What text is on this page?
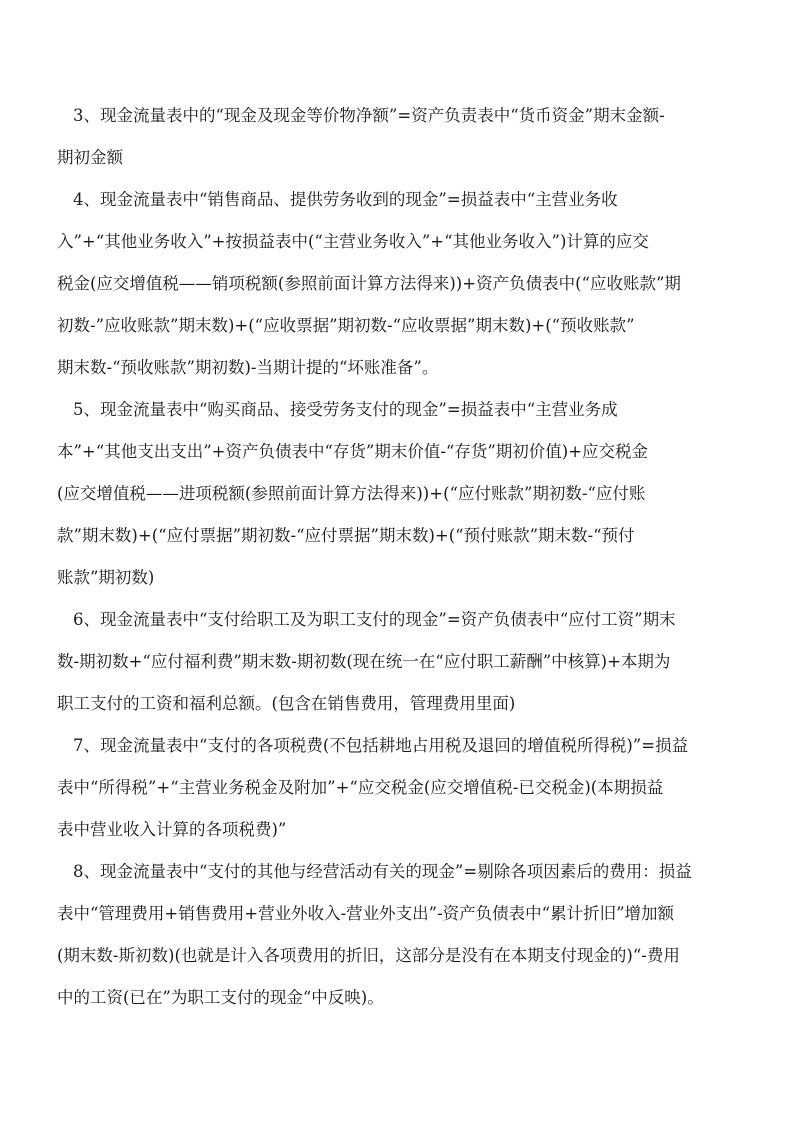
3、现金流量表中的“现金及现金等价物净额”=资产负责表中“货币资金”期末金额-
期初金额
4、现金流量表中“销售商品、提供劳务收到的现金”=损益表中“主营业务收
入”+“其他业务收入”+按损益表中(“主营业务收入”+“其他业务收入”)计算的应交
税金(应交增值税——销项税额(参照前面计算方法得来))+资产负债表中(“应收账款”期
初数-”应收账款”期末数)+(“应收票据”期初数-“应收票据”期末数)+(“预收账款”
期末数-“预收账款”期初数)-当期计提的“坏账准备”。
5、现金流量表中“购买商品、接受劳务支付的现金”=损益表中“主营业务成
本”+“其他支出支出”+资产负债表中“存货”期末价值-“存货”期初价值)+应交税金
(应交增值税——进项税额(参照前面计算方法得来))+(“应付账款”期初数-“应付账
款”期末数)+(“应付票据”期初数-“应付票据”期末数)+(“预付账款”期末数-“预付
账款”期初数)
6、现金流量表中“支付给职工及为职工支付的现金”=资产负债表中“应付工资”期末
数-期初数+“应付福利费”期末数-期初数(现在统一在“应付职工薪酬”中核算)+本期为
职工支付的工资和福利总额。(包含在销售费用，管理费用里面)
7、现金流量表中“支付的各项税费(不包括耕地占用税及退回的增值税所得税)”=损益
表中“所得税”+“主营业务税金及附加”+“应交税金(应交增值税-已交税金)(本期损益
表中营业收入计算的各项税费)”
8、现金流量表中“支付的其他与经营活动有关的现金”=剔除各项因素后的费用：损益
表中“管理费用+销售费用+营业外收入-营业外支出”-资产负债表中“累计折旧”增加额
(期末数-斯初数)(也就是计入各项费用的折旧，这部分是没有在本期支付现金的)“-费用
中的工资(已在”为职工支付的现金“中反映)。
